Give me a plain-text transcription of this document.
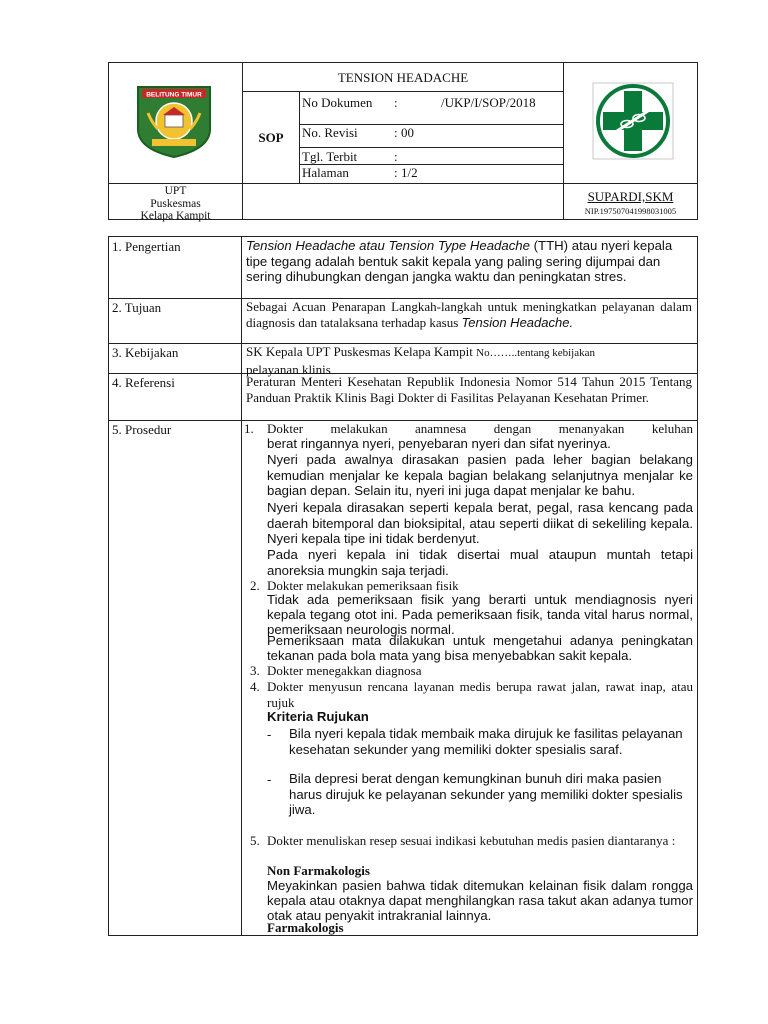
BELITUNG TIMUR
TENSION HEADACHE
SOP
No Dokumen :	/UKP/I/SOP/2018
No. Revisi	: 00
Tgl. Terbit	:
Halaman	: 1/2
UPT
Puskesmas
Kelapa Kampit
SUPARDI,SKM
NIP.197507041998031005
1. Pengertian	Tension Headache atau Tension Type Headache (TTH) atau nyeri kepala tipe tegang adalah bentuk sakit kepala yang paling sering dijumpai dan sering dihubungkan dengan jangka waktu dan peningkatan stres.
2. Tujuan	Sebagai Acuan Penarapan Langkah-langkah untuk meningkatkan pelayanan dalam diagnosis dan tatalaksana terhadap kasus Tension Headache.
3. Kebijakan	SK Kepala UPT Puskesmas Kelapa Kampit No……..tentang kebijakan
pelayanan klinis
4. Referensi	Peraturan Menteri Kesehatan Republik Indonesia Nomor 514 Tahun 2015 Tentang Panduan Praktik Klinis Bagi Dokter di Fasilitas Pelayanan Kesehatan Primer.
5. Prosedur	1. Dokter melakukan anamnesa dengan menanyakan keluhan
berat ringannya nyeri, penyebaran nyeri dan sifat nyerinya.
Nyeri pada awalnya dirasakan pasien pada leher bagian belakang kemudian menjalar ke kepala bagian belakang selanjutnya menjalar ke bagian depan. Selain itu, nyeri ini juga dapat menjalar ke bahu.
Nyeri kepala dirasakan seperti kepala berat, pegal, rasa kencang pada daerah bitemporal dan bioksipital, atau seperti diikat di sekeliling kepala. Nyeri kepala tipe ini tidak berdenyut.
Pada nyeri kepala ini tidak disertai mual ataupun muntah tetapi anoreksia mungkin saja terjadi.
2. Dokter melakukan pemeriksaan fisik
Tidak ada pemeriksaan fisik yang berarti untuk mendiagnosis nyeri kepala tegang otot ini. Pada pemeriksaan fisik, tanda vital harus normal, pemeriksaan neurologis normal.
Pemeriksaan mata dilakukan untuk mengetahui adanya peningkatan tekanan pada bola mata yang bisa menyebabkan sakit kepala.
3. Dokter menegakkan diagnosa
4. Dokter menyusun rencana layanan medis berupa rawat jalan, rawat inap, atau rujuk
Kriteria Rujukan
- Bila nyeri kepala tidak membaik maka dirujuk ke fasilitas pelayanan kesehatan sekunder yang memiliki dokter spesialis saraf.
- Bila depresi berat dengan kemungkinan bunuh diri maka pasien harus dirujuk ke pelayanan sekunder yang memiliki dokter spesialis jiwa.
5. Dokter menuliskan resep sesuai indikasi kebutuhan medis pasien diantaranya :
Non Farmakologis
Meyakinkan pasien bahwa tidak ditemukan kelainan fisik dalam rongga kepala atau otaknya dapat menghilangkan rasa takut akan adanya tumor otak atau penyakit intrakranial lainnya.
Farmakologis
